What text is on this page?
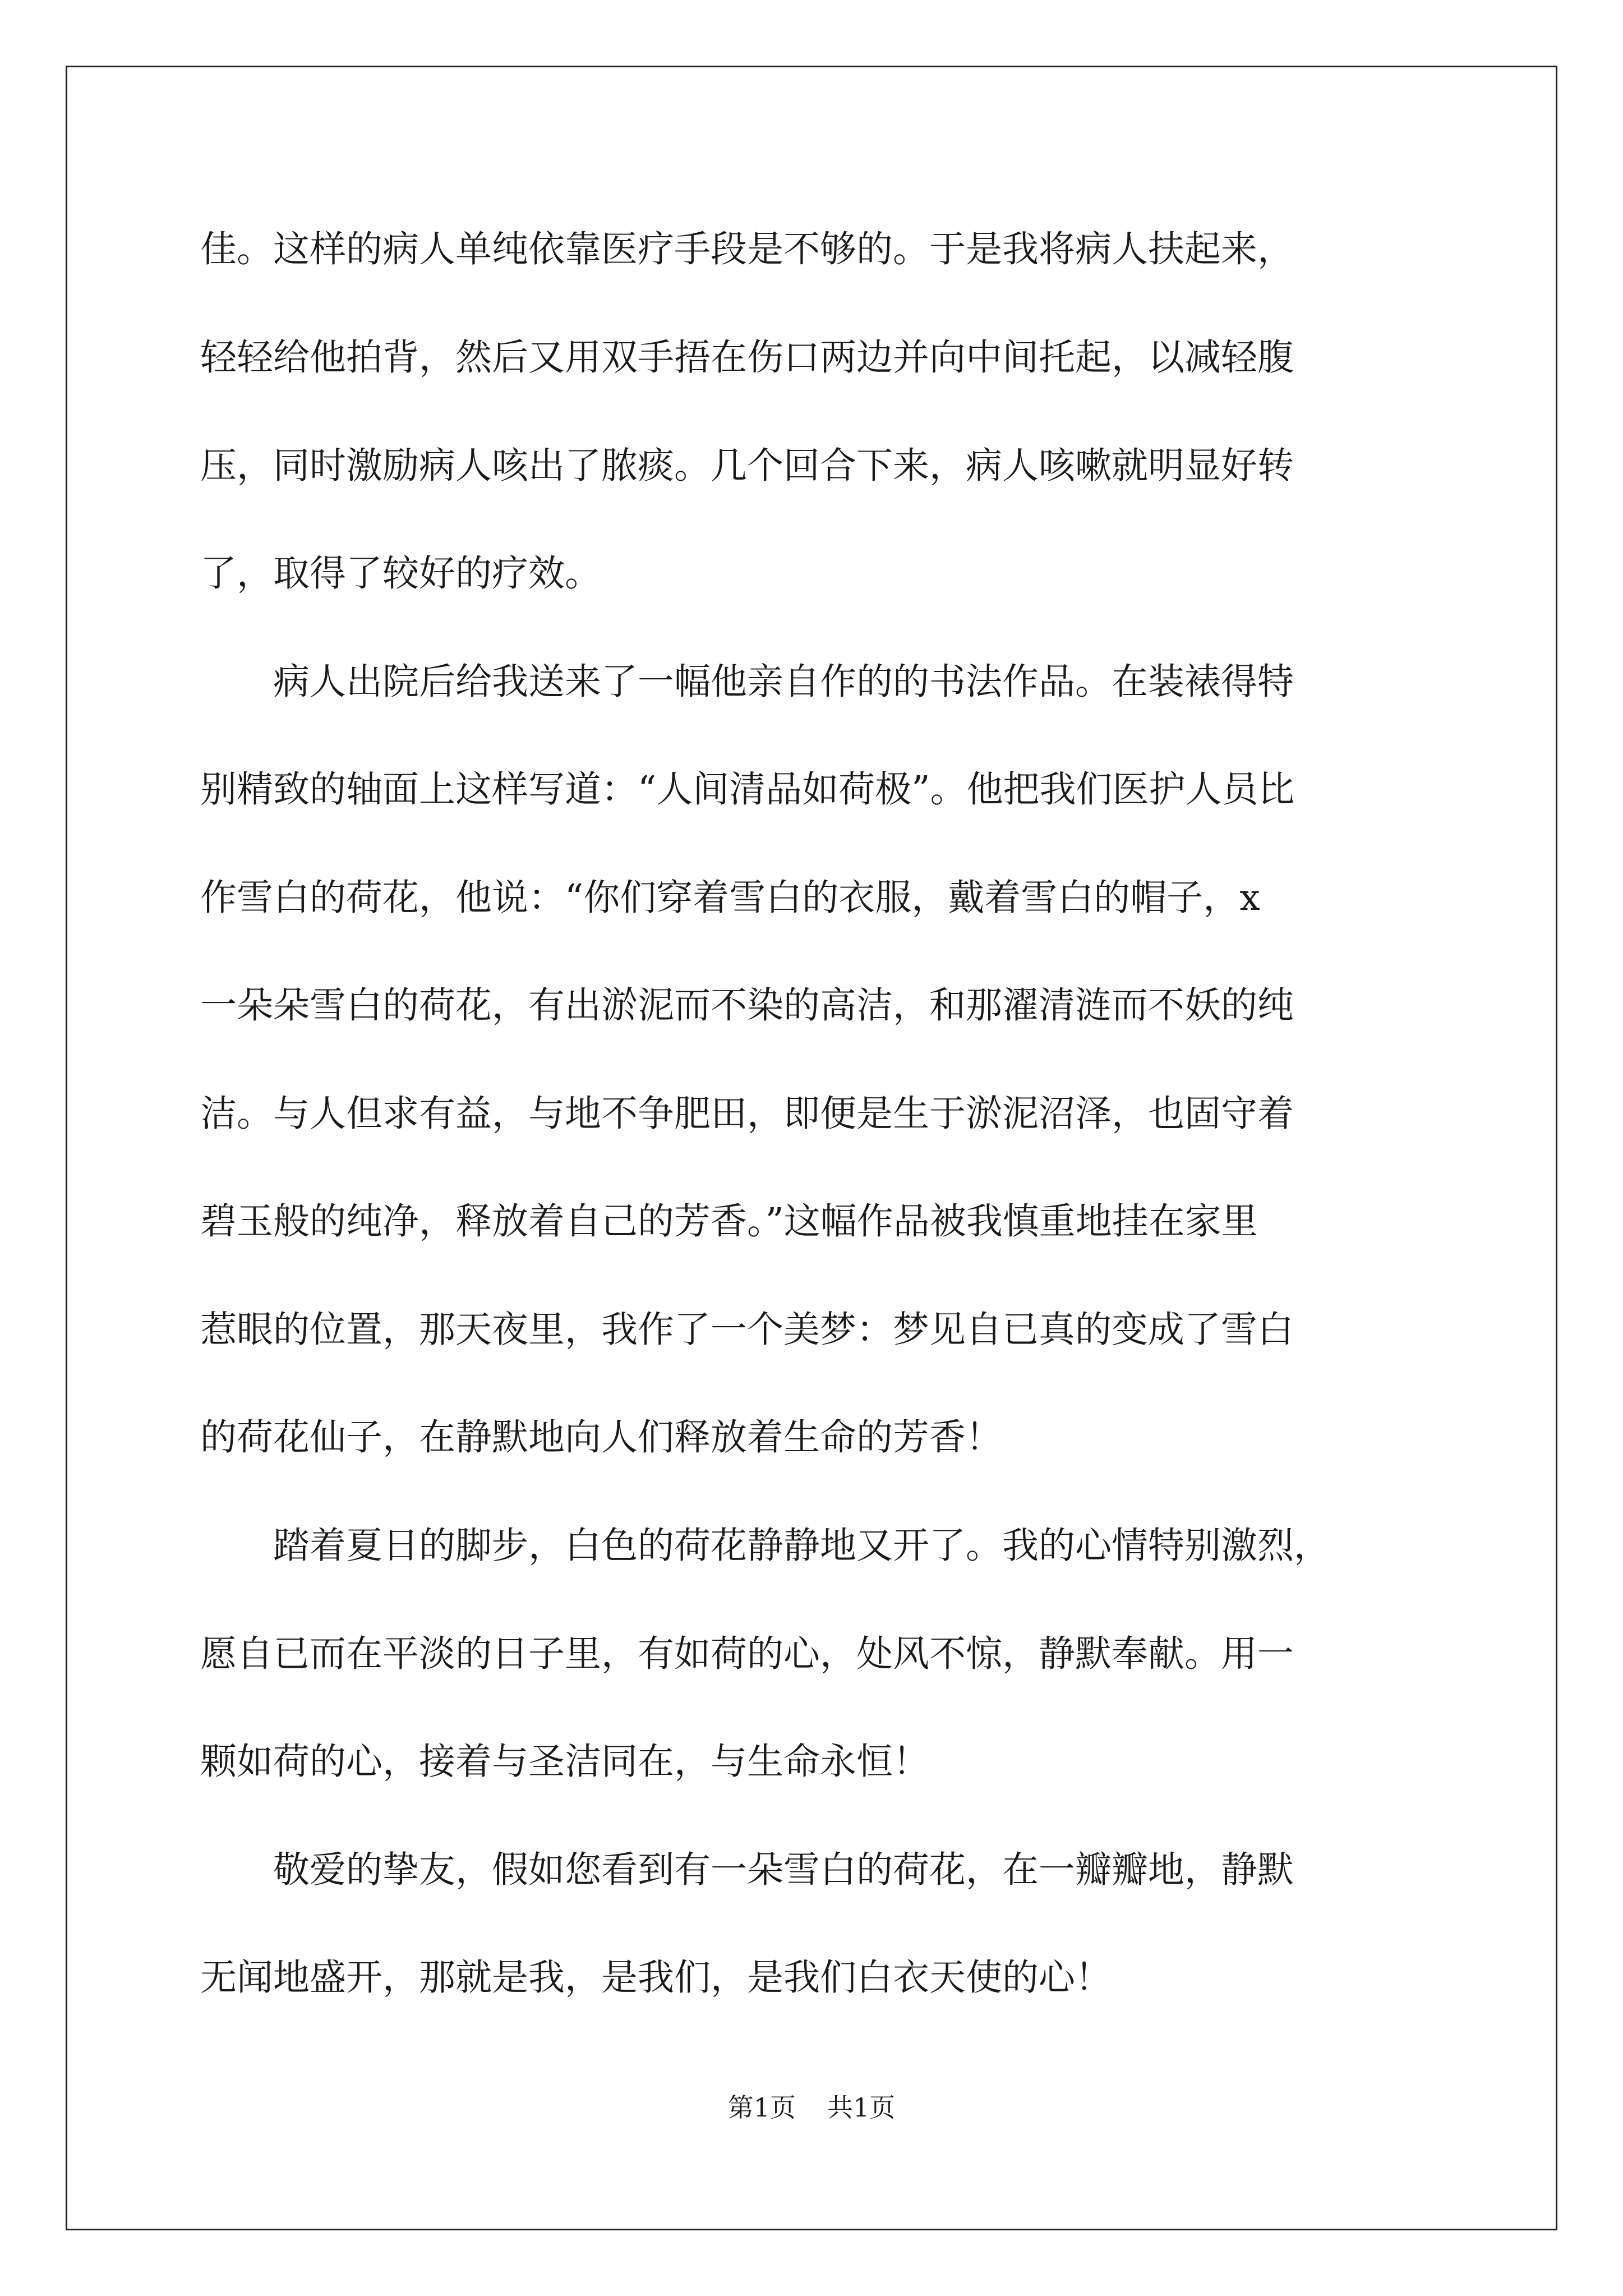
佳。这样的病人单纯依靠医疗手段是不够的。于是我将病人扶起来，
轻轻给他拍背，然后又用双手捂在伤口两边并向中间托起，以减轻腹
压，同时激励病人咳出了脓痰。几个回合下来，病人咳嗽就明显好转
了，取得了较好的疗效。
　　病人出院后给我送来了一幅他亲自作的的书法作品。在装裱得特
别精致的轴面上这样写道：“人间清品如荷极”。他把我们医护人员比
作雪白的荷花，他说：“你们穿着雪白的衣服，戴着雪白的帽子，x
一朵朵雪白的荷花，有出淤泥而不染的高洁，和那濯清涟而不妖的纯
洁。与人但求有益，与地不争肥田，即便是生于淤泥沼泽，也固守着
碧玉般的纯净，释放着自己的芳香。”这幅作品被我慎重地挂在家里
惹眼的位置，那天夜里，我作了一个美梦：梦见自已真的变成了雪白
的荷花仙子，在静默地向人们释放着生命的芳香！
　　踏着夏日的脚步，白色的荷花静静地又开了。我的心情特别激烈，
愿自已而在平淡的日子里，有如荷的心，处风不惊，静默奉献。用一
颗如荷的心，接着与圣洁同在，与生命永恒！
　　敬爱的挚友，假如您看到有一朵雪白的荷花，在一瓣瓣地，静默
无闻地盛开，那就是我，是我们，是我们白衣天使的心！
第1页 共1页
